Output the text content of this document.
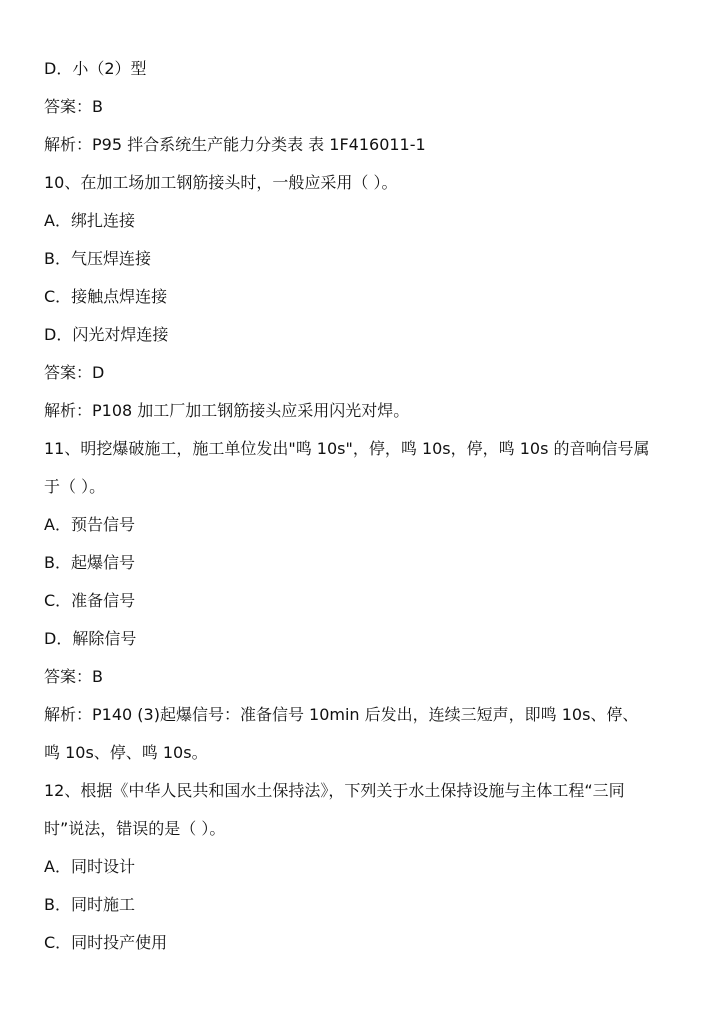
D．小（2）型
答案：B
解析：P95 拌合系统生产能力分类表 表 1F416011-1
10、在加工场加工钢筋接头时，一般应采用（ ）。
A．绑扎连接
B．气压焊连接
C．接触点焊连接
D．闪光对焊连接
答案：D
解析：P108 加工厂加工钢筋接头应采用闪光对焊。
11、明挖爆破施工，施工单位发出"鸣 10s"，停，鸣 10s，停，鸣 10s 的音响信号属
于（ ）。
A．预告信号
B．起爆信号
C．准备信号
D．解除信号
答案：B
解析：P140 (3)起爆信号：准备信号 10min 后发出，连续三短声，即鸣 10s、停、
鸣 10s、停、鸣 10s。
12、根据《中华人民共和国水土保持法》，下列关于水土保持设施与主体工程“三同
时”说法，错误的是（ ）。
A．同时设计
B．同时施工
C．同时投产使用
